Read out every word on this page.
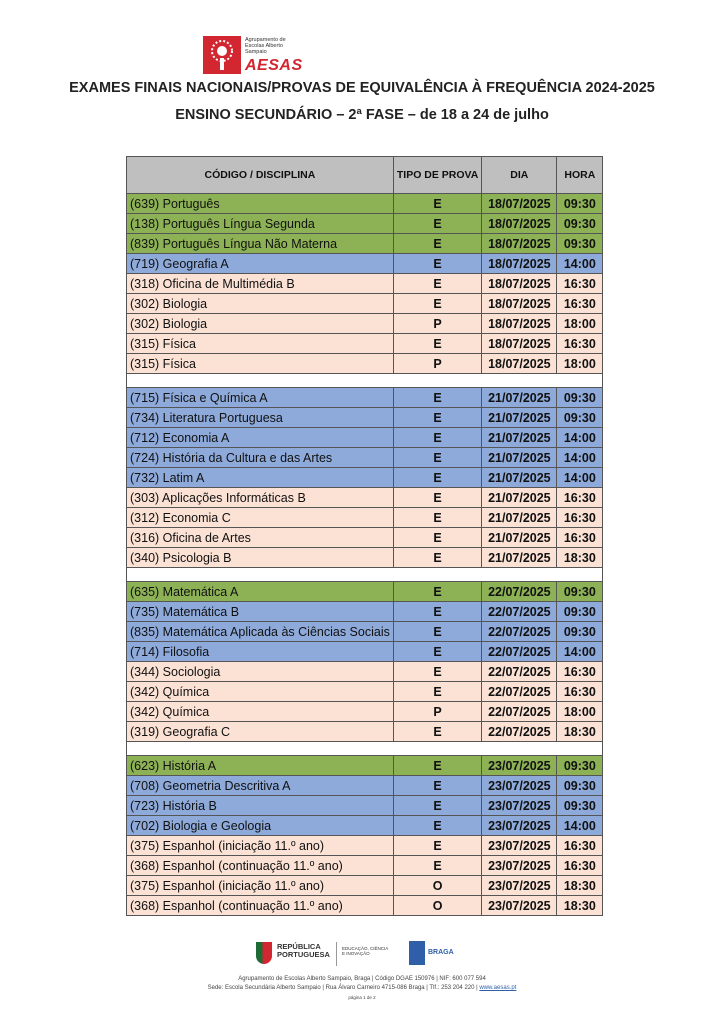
Agrupamento de Escolas Alberto Sampaio
AESAS
EXAMES FINAIS NACIONAIS/PROVAS DE EQUIVALÊNCIA À FREQUÊNCIA 2024-2025
ENSINO SECUNDÁRIO – 2ª FASE – de 18 a 24 de julho
CÓDIGO / DISCIPLINA	TIPO DE PROVA	DIA	HORA
(639) Português	E	18/07/2025	09:30
(138) Português Língua Segunda	E	18/07/2025	09:30
(839) Português Língua Não Materna	E	18/07/2025	09:30
(719) Geografia A	E	18/07/2025	14:00
(318) Oficina de Multimédia B	E	18/07/2025	16:30
(302) Biologia	E	18/07/2025	16:30
(302) Biologia	P	18/07/2025	18:00
(315) Física	E	18/07/2025	16:30
(315) Física	P	18/07/2025	18:00

(715) Física e Química A	E	21/07/2025	09:30
(734) Literatura Portuguesa	E	21/07/2025	09:30
(712) Economia A	E	21/07/2025	14:00
(724) História da Cultura e das Artes	E	21/07/2025	14:00
(732) Latim A	E	21/07/2025	14:00
(303) Aplicações Informáticas B	E	21/07/2025	16:30
(312) Economia C	E	21/07/2025	16:30
(316) Oficina de Artes	E	21/07/2025	16:30
(340) Psicologia B	E	21/07/2025	18:30

(635) Matemática A	E	22/07/2025	09:30
(735) Matemática B	E	22/07/2025	09:30
(835) Matemática Aplicada às Ciências Sociais	E	22/07/2025	09:30
(714) Filosofia	E	22/07/2025	14:00
(344) Sociologia	E	22/07/2025	16:30
(342) Química	E	22/07/2025	16:30
(342) Química	P	22/07/2025	18:00
(319) Geografia C	E	22/07/2025	18:30

(623) História A	E	23/07/2025	09:30
(708) Geometria Descritiva A	E	23/07/2025	09:30
(723) História B	E	23/07/2025	09:30
(702) Biologia e Geologia	E	23/07/2025	14:00
(375) Espanhol (iniciação 11.º ano)	E	23/07/2025	16:30
(368) Espanhol (continuação 11.º ano)	E	23/07/2025	16:30
(375) Espanhol (iniciação 11.º ano)	O	23/07/2025	18:30
(368) Espanhol (continuação 11.º ano)	O	23/07/2025	18:30
REPÚBLICA
PORTUGUESA
EDUCAÇÃO, CIÊNCIA E INOVAÇÃO	BRAGA
Agrupamento de Escolas Alberto Sampaio, Braga | Código DGAE 150976 | NIF: 600 077 594
Sede: Escola Secundária Alberto Sampaio | Rua Álvaro Carneiro 4715-086 Braga | Tlf.: 253 204 220 | www.aesas.pt
página 1 de 2
